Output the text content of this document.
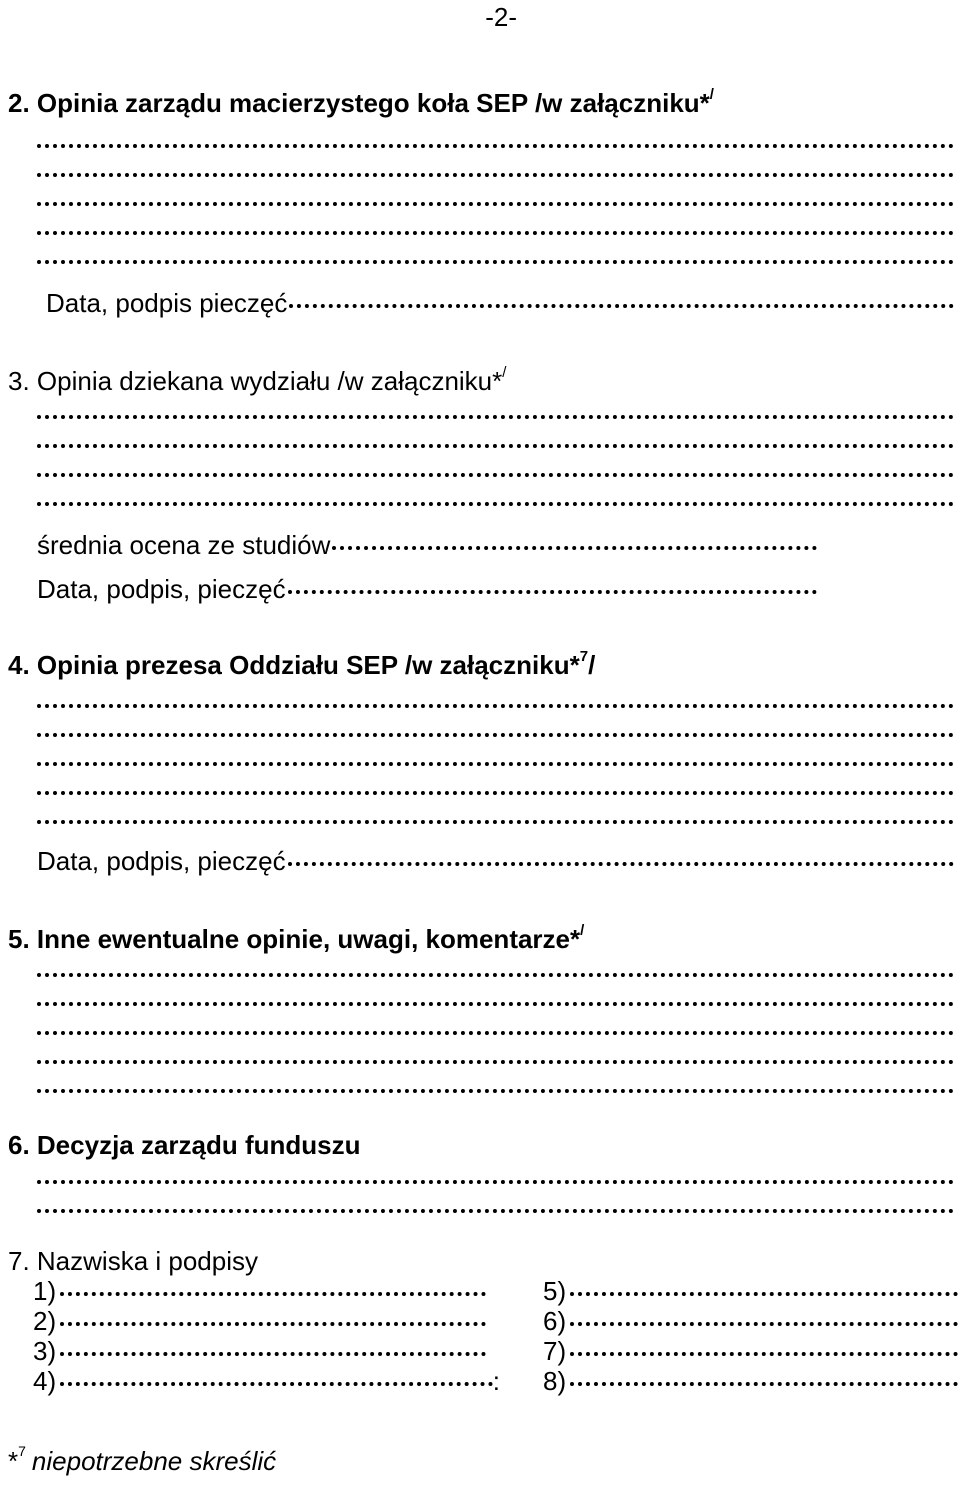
-2-
2. Opinia zarządu macierzystego koła SEP /w załączniku*/
Data, podpis pieczęć
3. Opinia dziekana wydziału /w załączniku*/
średnia ocena ze studiów
Data, podpis, pieczęć
4. Opinia prezesa Oddziału SEP /w załączniku*$^7$/
Data, podpis, pieczęć
5. Inne ewentualne opinie, uwagi, komentarze*/
6. Decyzja zarządu funduszu
7. Nazwiska i podpisy
1)
2)
3)
4)	:
5)
6)
7)
8)
*$^7$ niepotrzebne skreślić
